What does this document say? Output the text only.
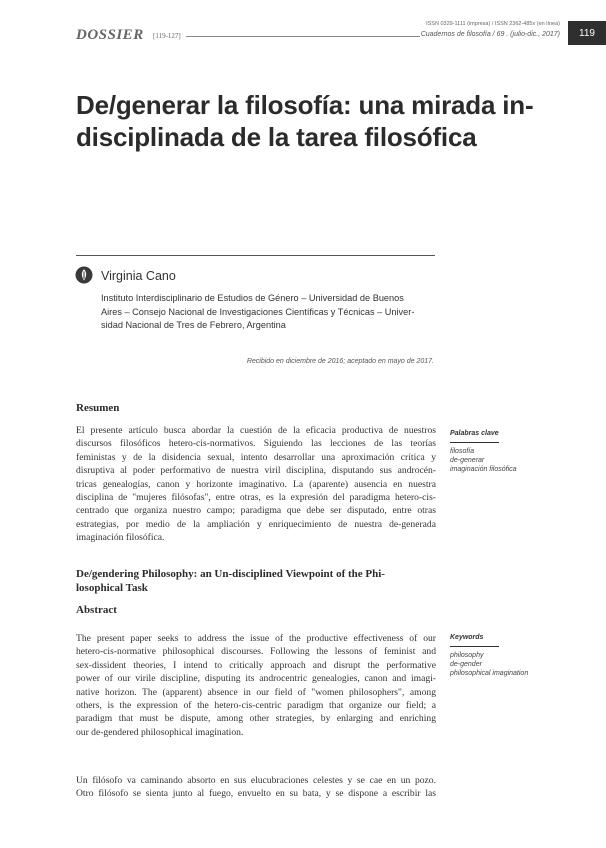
DOSSIER [119-127]
ISSN 0329-1111 (impresa) / ISSN 2362-485x (en línea)
Cuadernos de filosofía / 69 . (julio-dic., 2017) 119
De/generar la filosofía: una mirada in-
disciplinada de la tarea filosófica
Virginia Cano
Instituto Interdisciplinario de Estudios de Género – Universidad de Buenos
Aires – Consejo Nacional de Investigaciones Científicas y Técnicas – Univer-
sidad Nacional de Tres de Febrero, Argentina
Recibido en diciembre de 2016; aceptado en mayo de 2017.
Resumen
El presente artículo busca abordar la cuestión de la eficacia productiva de nuestros
discursos filosóficos hetero-cis-normativos. Siguiendo las lecciones de las teorías
feministas y de la disidencia sexual, intento desarrollar una aproximación crítica y
disruptiva al poder performativo de nuestra viril disciplina, disputando sus androcén-
tricas genealogías, canon y horizonte imaginativo. La (aparente) ausencia en nuestra
disciplina de "mujeres filósofas", entre otras, es la expresión del paradigma hetero-cis-
centrado que organiza nuestro campo; paradigma que debe ser disputado, entre otras
estrategias, por medio de la ampliación y enriquecimiento de nuestra de-generada
imaginación filosófica.
Palabras clave
filosofía
de-generar
imaginación filosófica
De/gendering Philosophy: an Un-disciplined Viewpoint of the Phi-
losophical Task
Abstract
The present paper seeks to address the issue of the productive effectiveness of our
hetero-cis-normative philosophical discourses. Following the lessons of feminist and
sex-dissident theories, I intend to critically approach and disrupt the performative
power of our virile discipline, disputing its androcentric genealogies, canon and imagi-
native horizon. The (apparent) absence in our field of "women philosophers", among
others, is the expression of the hetero-cis-centric paradigm that organize our field; a
paradigm that must be dispute, among other strategies, by enlarging and enriching
our de-gendered philosophical imagination.
Keywords
philosophy
de-gender
philosophical imagination
Un filósofo va caminando absorto en sus elucubraciones celestes y se cae en un pozo.
Otro filósofo se sienta junto al fuego, envuelto en su bata, y se dispone a escribir las
